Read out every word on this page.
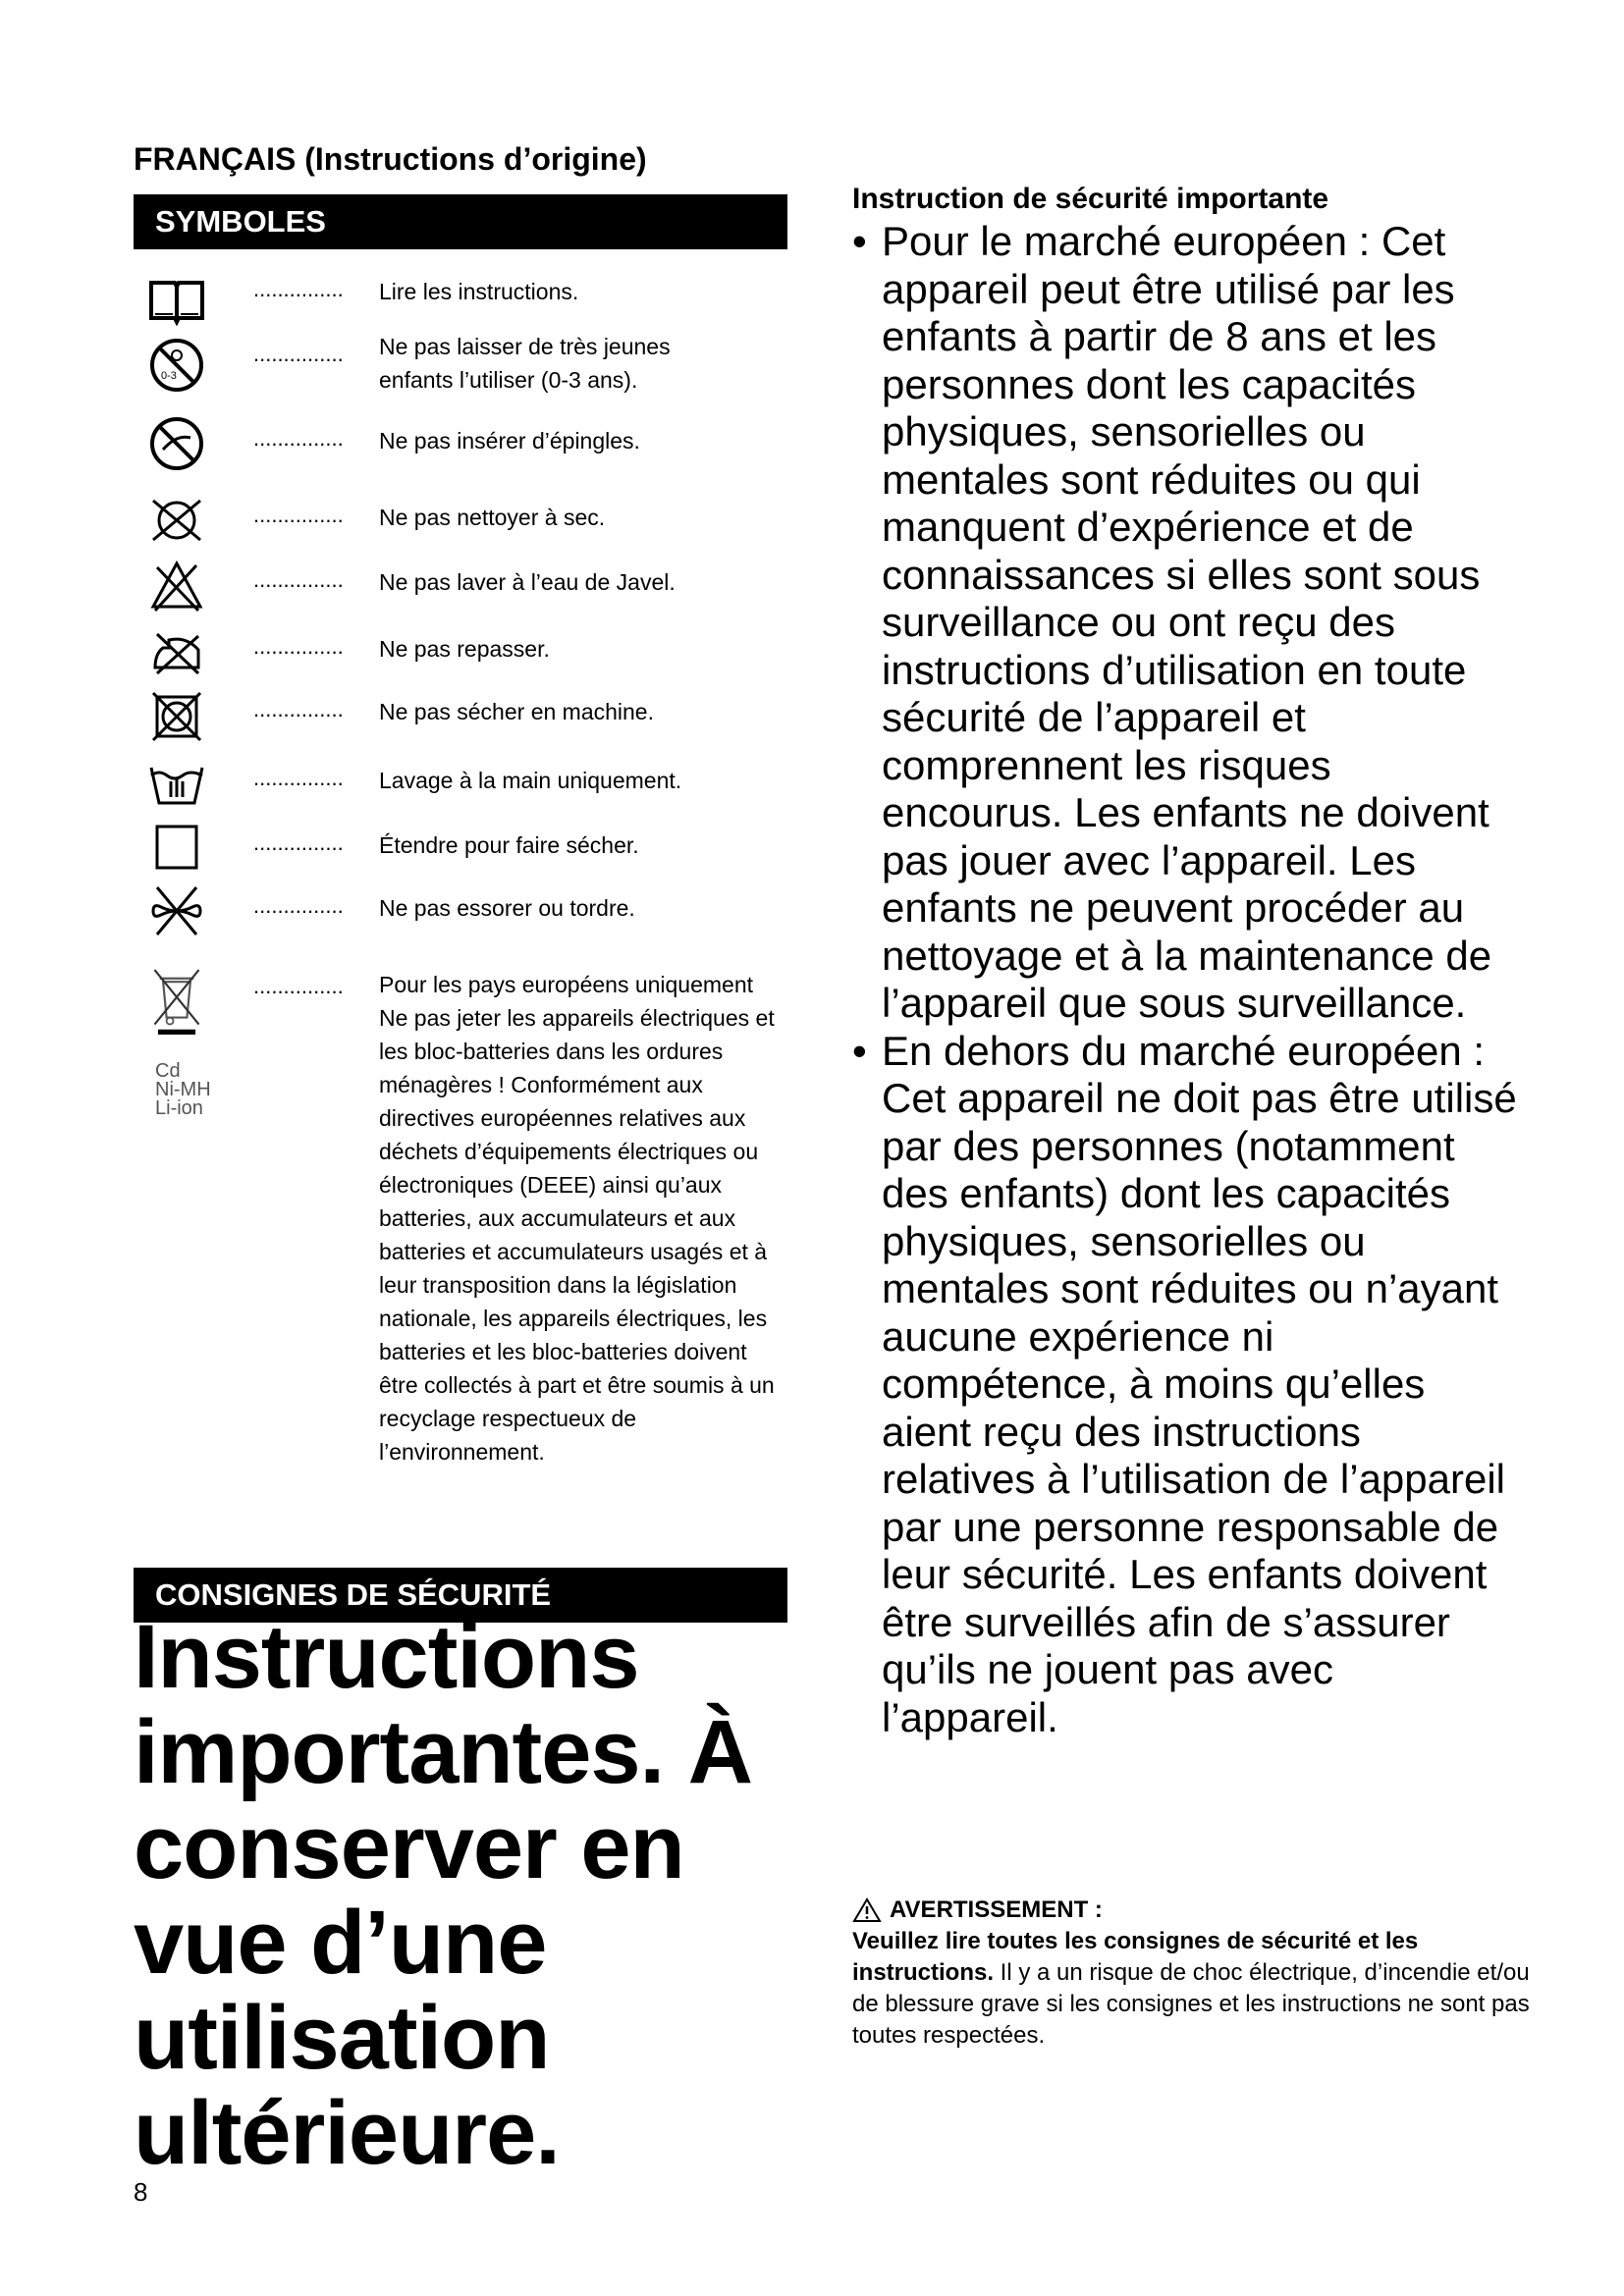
FRANÇAIS (Instructions d’origine)
SYMBOLES
............... Lire les instructions.
0-3
............... Ne pas laisser de très jeunes enfants l’utiliser (0-3 ans).
............... Ne pas insérer d’épingles.
............... Ne pas nettoyer à sec.
............... Ne pas laver à l’eau de Javel.
............... Ne pas repasser.
............... Ne pas sécher en machine.
............... Lavage à la main uniquement.
............... Étendre pour faire sécher.
............... Ne pas essorer ou tordre.
............... Pour les pays européens uniquement
Ne pas jeter les appareils électriques et les bloc-batteries dans les ordures ménagères ! Conformément aux directives européennes relatives aux déchets d’équipements électriques ou électroniques (DEEE) ainsi qu’aux batteries, aux accumulateurs et aux batteries et accumulateurs usagés et à leur transposition dans la législation nationale, les appareils électriques, les batteries et les bloc-batteries doivent être collectés à part et être soumis à un recyclage respectueux de l’environnement.
Cd
Ni-MH
Li-ion
CONSIGNES DE SÉCURITÉ
Instructions importantes. À conserver en vue d’une utilisation ultérieure.
8
Instruction de sécurité importante
• Pour le marché européen : Cet appareil peut être utilisé par les enfants à partir de 8 ans et les personnes dont les capacités physiques, sensorielles ou mentales sont réduites ou qui manquent d’expérience et de connaissances si elles sont sous surveillance ou ont reçu des instructions d’utilisation en toute sécurité de l’appareil et comprennent les risques encourus. Les enfants ne doivent pas jouer avec l’appareil. Les enfants ne peuvent procéder au nettoyage et à la maintenance de l’appareil que sous surveillance.
• En dehors du marché européen : Cet appareil ne doit pas être utilisé par des personnes (notamment des enfants) dont les capacités physiques, sensorielles ou mentales sont réduites ou n’ayant aucune expérience ni compétence, à moins qu’elles aient reçu des instructions relatives à l’utilisation de l’appareil par une personne responsable de leur sécurité. Les enfants doivent être surveillés afin de s’assurer qu’ils ne jouent pas avec l’appareil.
AVERTISSEMENT :
Veuillez lire toutes les consignes de sécurité et les instructions. Il y a un risque de choc électrique, d’incendie et/ou de blessure grave si les consignes et les instructions ne sont pas toutes respectées.
